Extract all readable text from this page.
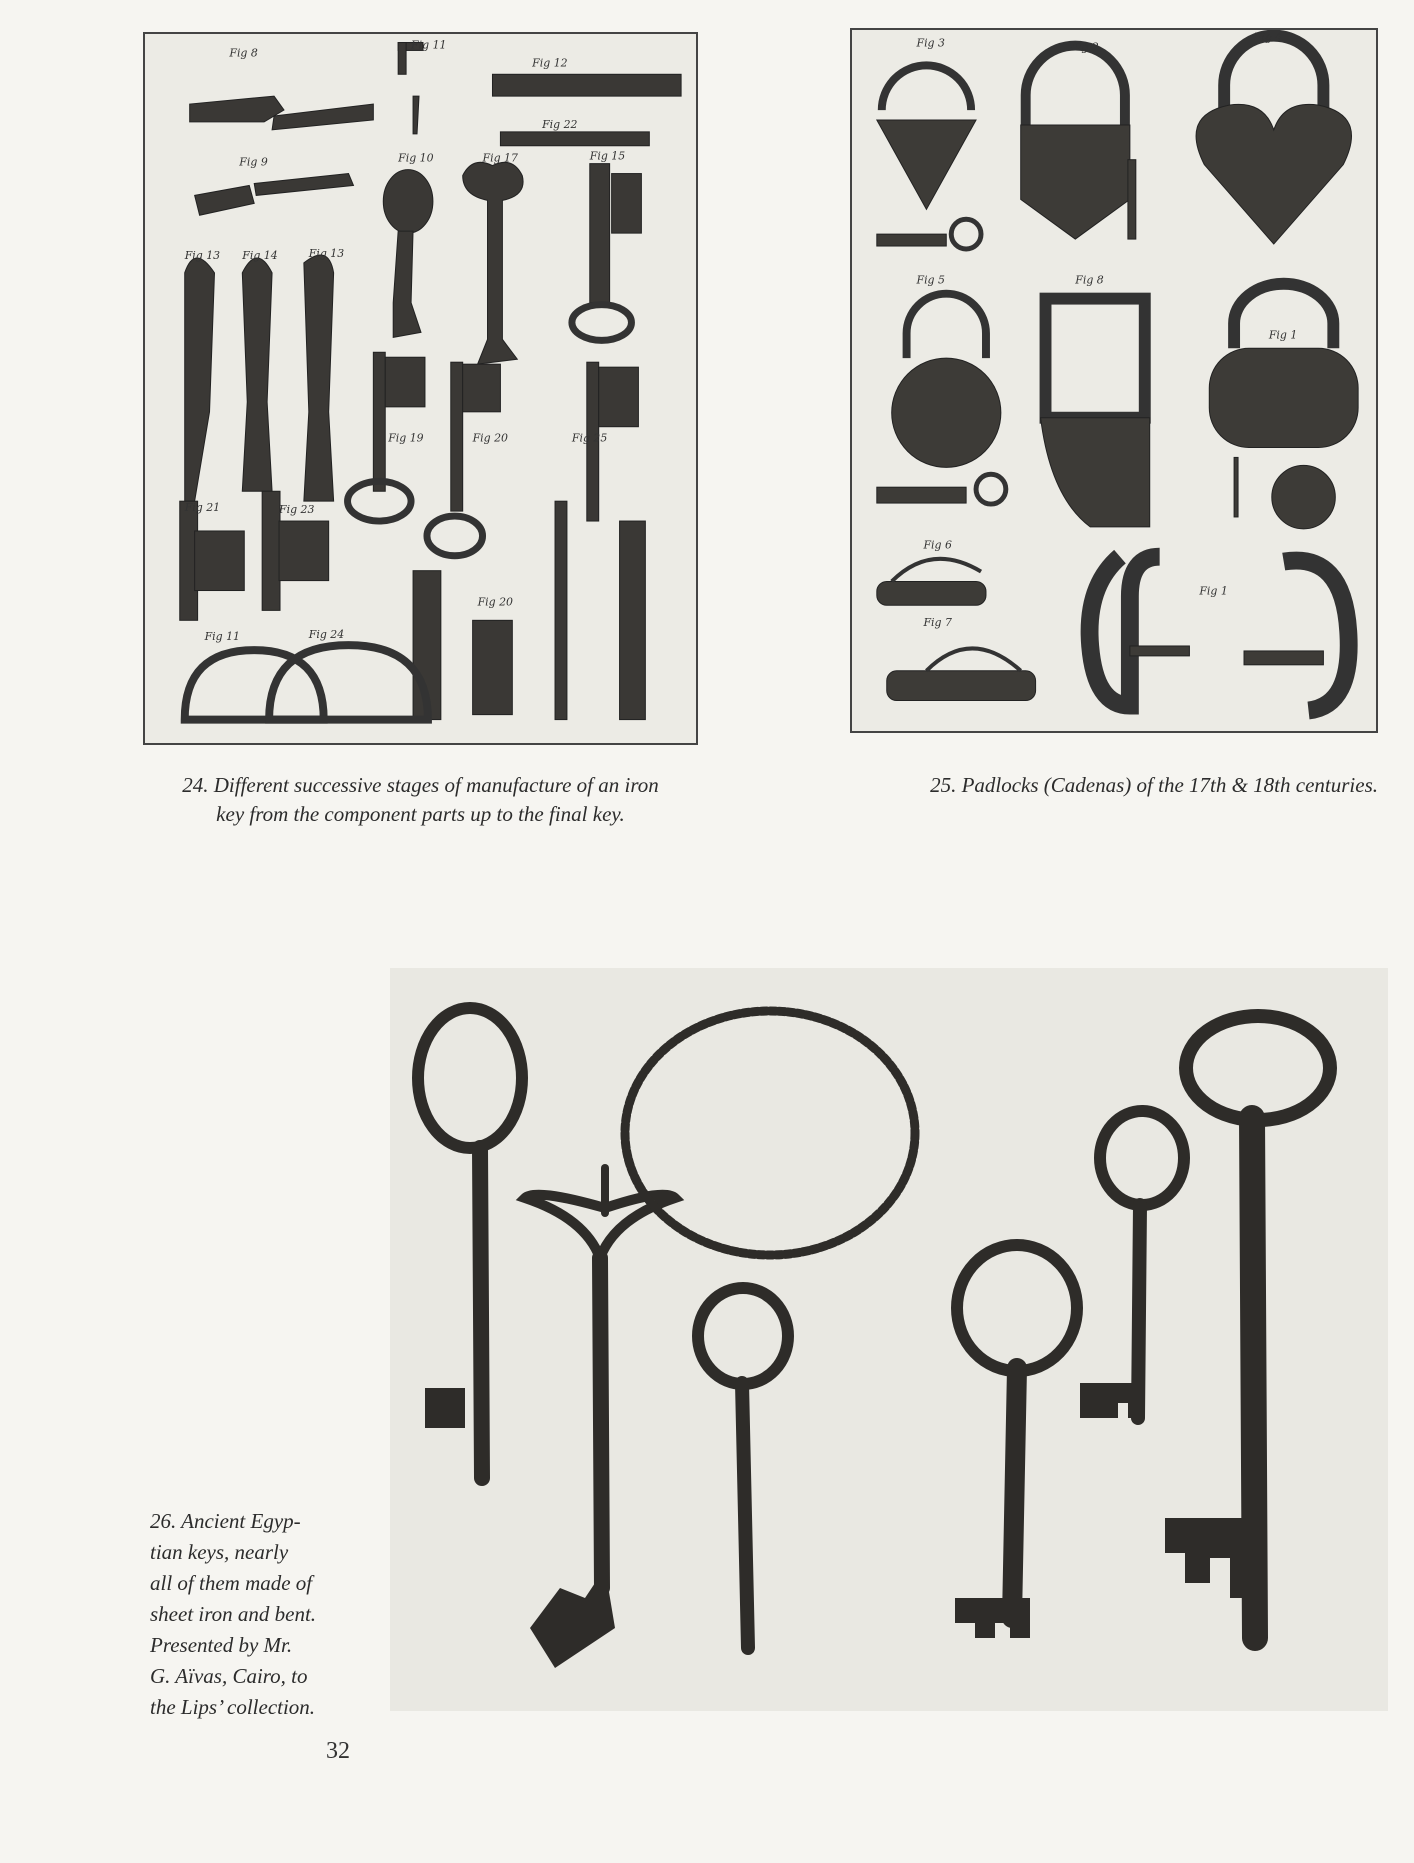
Fig 8
Fig 11
Fig 12
Fig 22
Fig 9	Fig 10	Fig 17	Fig 15
Fig 13 Fig 14	Fig 13
Fig 19	Fig 20	Fig 25
Fig 21	Fig 23
Fig 20
Fig 11	Fig 24
Fig 3	Fig 2
Fig 4
Fig 5	Fig 8
Fig 1
Fig 6
Fig 7
Fig 1
24. Different successive stages of manufacture of an iron
key from the component parts up to the final key.
25. Padlocks (Cadenas) of the 17th & 18th centuries.
26. Ancient Egyp-
tian keys, nearly
all of them made of
sheet iron and bent.
Presented by Mr.
G. Aïvas, Cairo, to
the Lips’ collection.
32
